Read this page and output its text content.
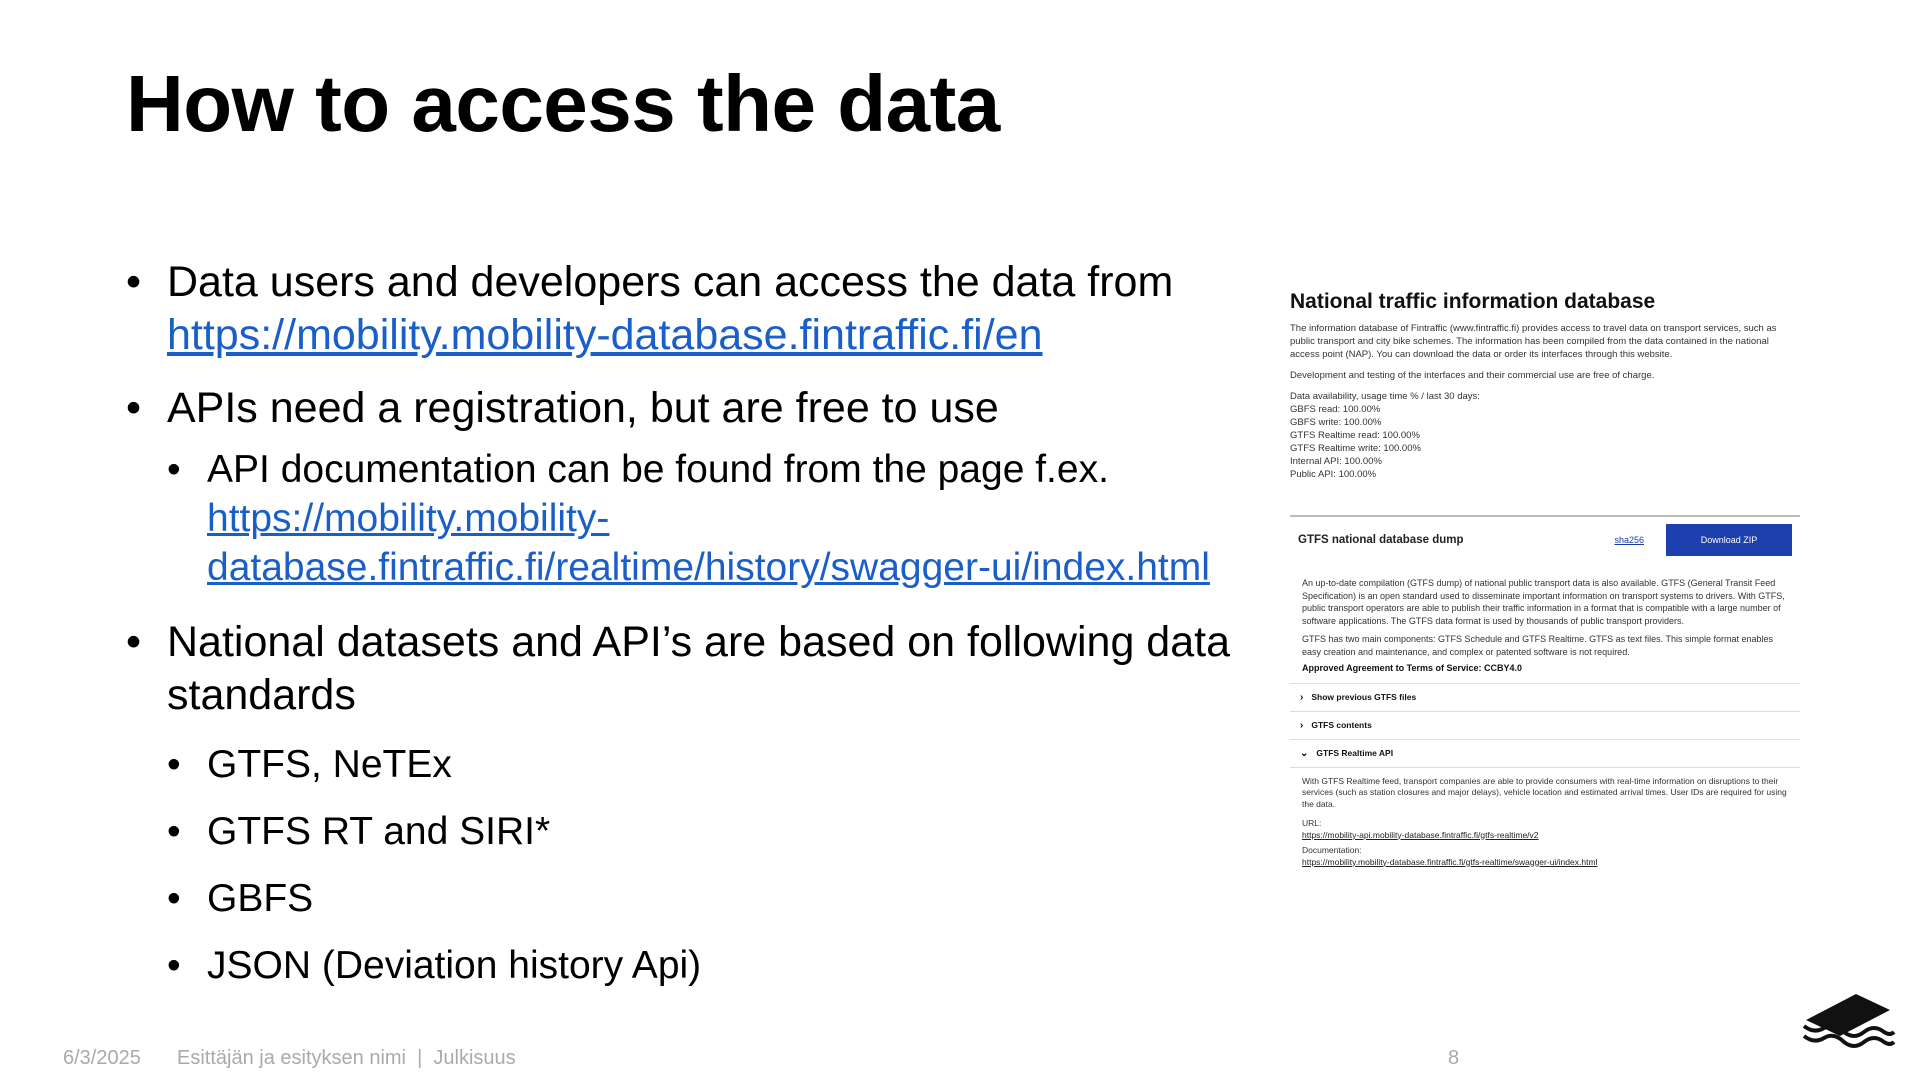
How to access the data
• Data users and developers can access the data from
https://mobility.mobility-database.fintraffic.fi/en
• APIs need a registration, but are free to use
• API documentation can be found from the page f.ex.
https://mobility.mobility-
database.fintraffic.fi/realtime/history/swagger-ui/index.html
• National datasets and API’s are based on following data
standards
• GTFS, NeTEx
• GTFS RT and SIRI*
• GBFS
• JSON (Deviation history Api)
National traffic information database
The information database of Fintraffic (www.fintraffic.fi) provides access to travel data on transport services, such as public transport and city bike schemes. The information has been compiled from the data contained in the national access point (NAP). You can download the data or order its interfaces through this website.
Development and testing of the interfaces and their commercial use are free of charge.
Data availability, usage time % / last 30 days:
GBFS read: 100.00%
GBFS write: 100.00%
GTFS Realtime read: 100.00%
GTFS Realtime write: 100.00%
Internal API: 100.00%
Public API: 100.00%
GTFS national database dump	sha256	Download ZIP
An up-to-date compilation (GTFS dump) of national public transport data is also available. GTFS (General Transit Feed Specification) is an open standard used to disseminate important information on transport systems to drivers. With GTFS, public transport operators are able to publish their traffic information in a format that is compatible with a large number of software applications. The GTFS data format is used by thousands of public transport providers.
GTFS has two main components: GTFS Schedule and GTFS Realtime. GTFS as text files. This simple format enables easy creation and maintenance, and complex or patented software is not required.
Approved Agreement to Terms of Service: CCBY4.0
› Show previous GTFS files
› GTFS contents
⌄ GTFS Realtime API
With GTFS Realtime feed, transport companies are able to provide consumers with real-time information on disruptions to their services (such as station closures and major delays), vehicle location and estimated arrival times. User IDs are required for using the data.
URL:
https://mobility-api.mobility-database.fintraffic.fi/gtfs-realtime/v2
Documentation:
https://mobility.mobility-database.fintraffic.fi/gtfs-realtime/swagger-ui/index.html
6/3/2025 Esittäjän ja esityksen nimi  |  Julkisuus	8
